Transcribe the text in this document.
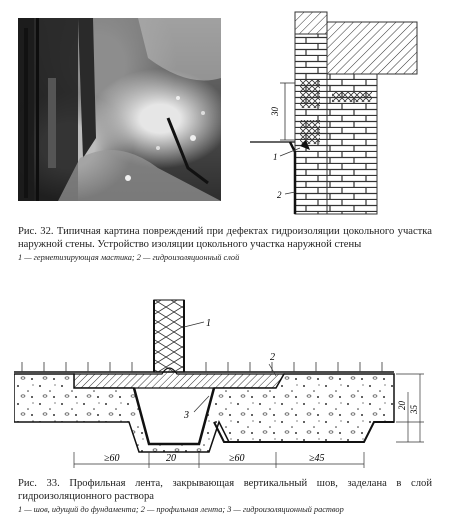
30
1
2

Рис. 32. Типичная картина повреждений при дефектах гидроизоляции цокольного участка наружной стены. Устройство изоляции цокольного участка наружной стены

1 — герметизирующая мастика; 2 — гидроизоляционный слой

1
2
3
20 35
≥60	20	≥60	≥45

Рис. 33. Профильная лента, закрывающая вертикальный шов, заделана в слой гидроизоляционного раствора

1 — шов, идущий до фундамента; 2 — профильная лента; 3 — гидроизоляционный раствор
